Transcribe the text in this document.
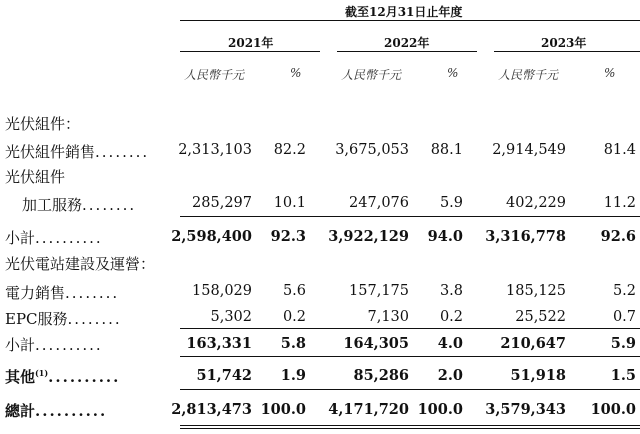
截至12月31日止年度
2021年	2022年	2023年
人民幣千元	%	人民幣千元	%	人民幣千元	%
光伏組件：
光伏組件銷售........	2,313,103	82.2	3,675,053	88.1	2,914,549	81.4
光伏組件
加工服務........	285,297	10.1	247,076	5.9	402,229	11.2
小計..........	2,598,400	92.3 3,922,129	94.0 3,316,778	92.6
光伏電站建設及運營：
電力銷售........	158,029	5.6	157,175	3.8	185,125	5.2
EPC服務........	5,302	0.2	7,130	0.2	25,522	0.7
小計..........	163,331	5.8	164,305	4.0	210,647	5.9
其他$^{(1)}$..........	51,742	1.9	85,286	2.0	51,918	1.5
總計..........	2,813,473 100.0 4,171,720 100.0 3,579,343	100.0
